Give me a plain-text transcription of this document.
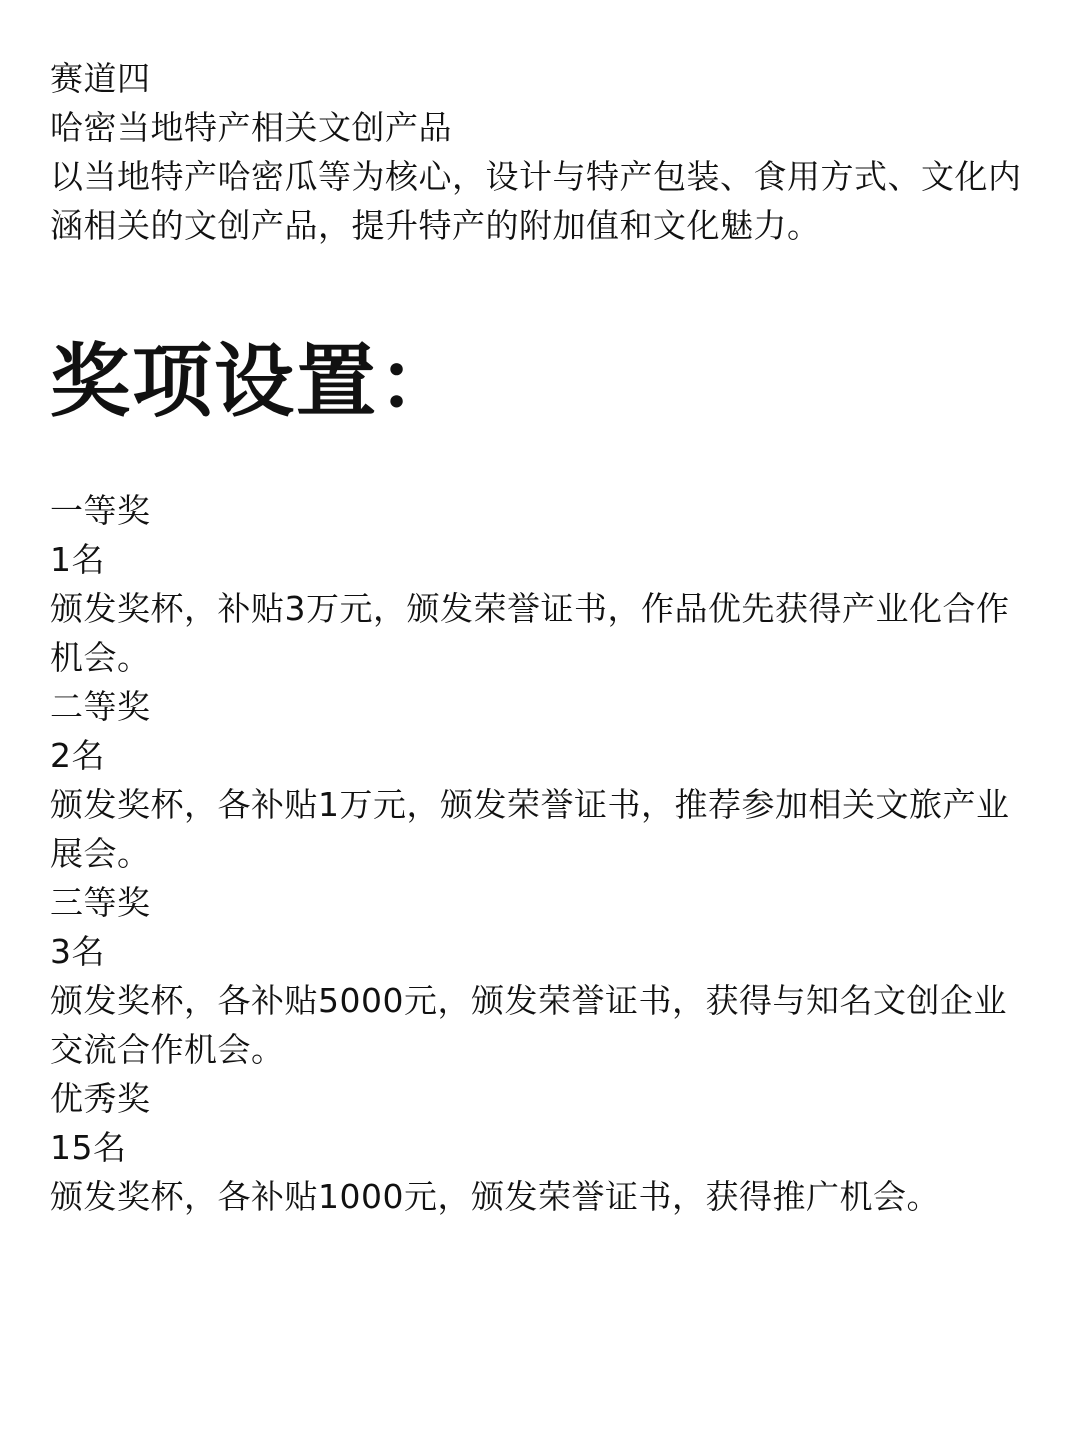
赛道四

哈密当地特产相关文创产品

以当地特产哈密瓜等为核心，设计与特产包装、食用方式、文化内涵相关的文创产品，提升特产的附加值和文化魅力。

奖项设置：

一等奖

1名

颁发奖杯，补贴3万元，颁发荣誉证书，作品优先获得产业化合作机会。

二等奖

2名

颁发奖杯，各补贴1万元，颁发荣誉证书，推荐参加相关文旅产业展会。

三等奖

3名

颁发奖杯，各补贴5000元，颁发荣誉证书，获得与知名文创企业交流合作机会。

优秀奖

15名

颁发奖杯，各补贴1000元，颁发荣誉证书，获得推广机会。
